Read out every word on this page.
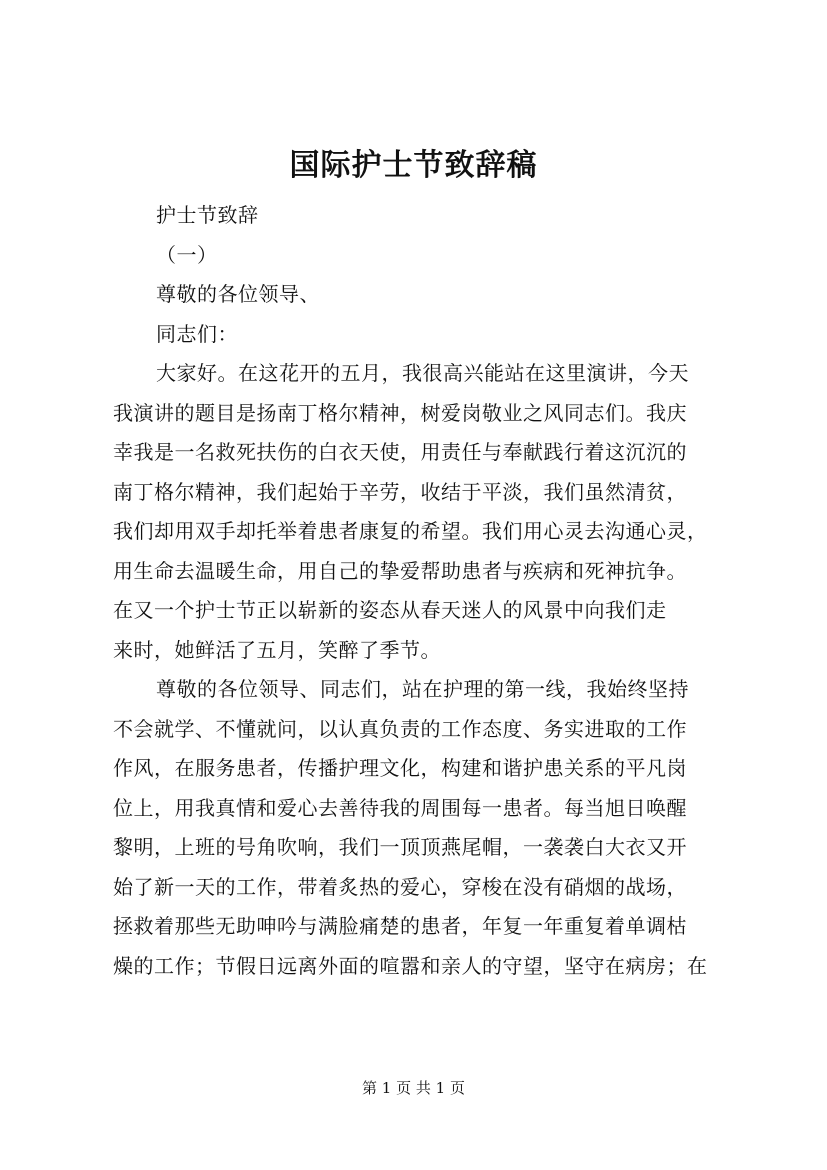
国际护士节致辞稿
护士节致辞
（一）
尊敬的各位领导、
同志们：
大家好。在这花开的五月，我很高兴能站在这里演讲，今天
我演讲的题目是扬南丁格尔精神，树爱岗敬业之风同志们。我庆
幸我是一名救死扶伤的白衣天使，用责任与奉献践行着这沉沉的
南丁格尔精神，我们起始于辛劳，收结于平淡，我们虽然清贫，
我们却用双手却托举着患者康复的希望。我们用心灵去沟通心灵，
用生命去温暖生命，用自己的挚爱帮助患者与疾病和死神抗争。
在又一个护士节正以崭新的姿态从春天迷人的风景中向我们走
来时，她鲜活了五月，笑醉了季节。
尊敬的各位领导、同志们，站在护理的第一线，我始终坚持
不会就学、不懂就问，以认真负责的工作态度、务实进取的工作
作风，在服务患者，传播护理文化，构建和谐护患关系的平凡岗
位上，用我真情和爱心去善待我的周围每一患者。每当旭日唤醒
黎明，上班的号角吹响，我们一顶顶燕尾帽，一袭袭白大衣又开
始了新一天的工作，带着炙热的爱心，穿梭在没有硝烟的战场，
拯救着那些无助呻吟与满脸痛楚的患者，年复一年重复着单调枯
燥的工作；节假日远离外面的喧嚣和亲人的守望，坚守在病房；在
第 1 页 共 1 页
